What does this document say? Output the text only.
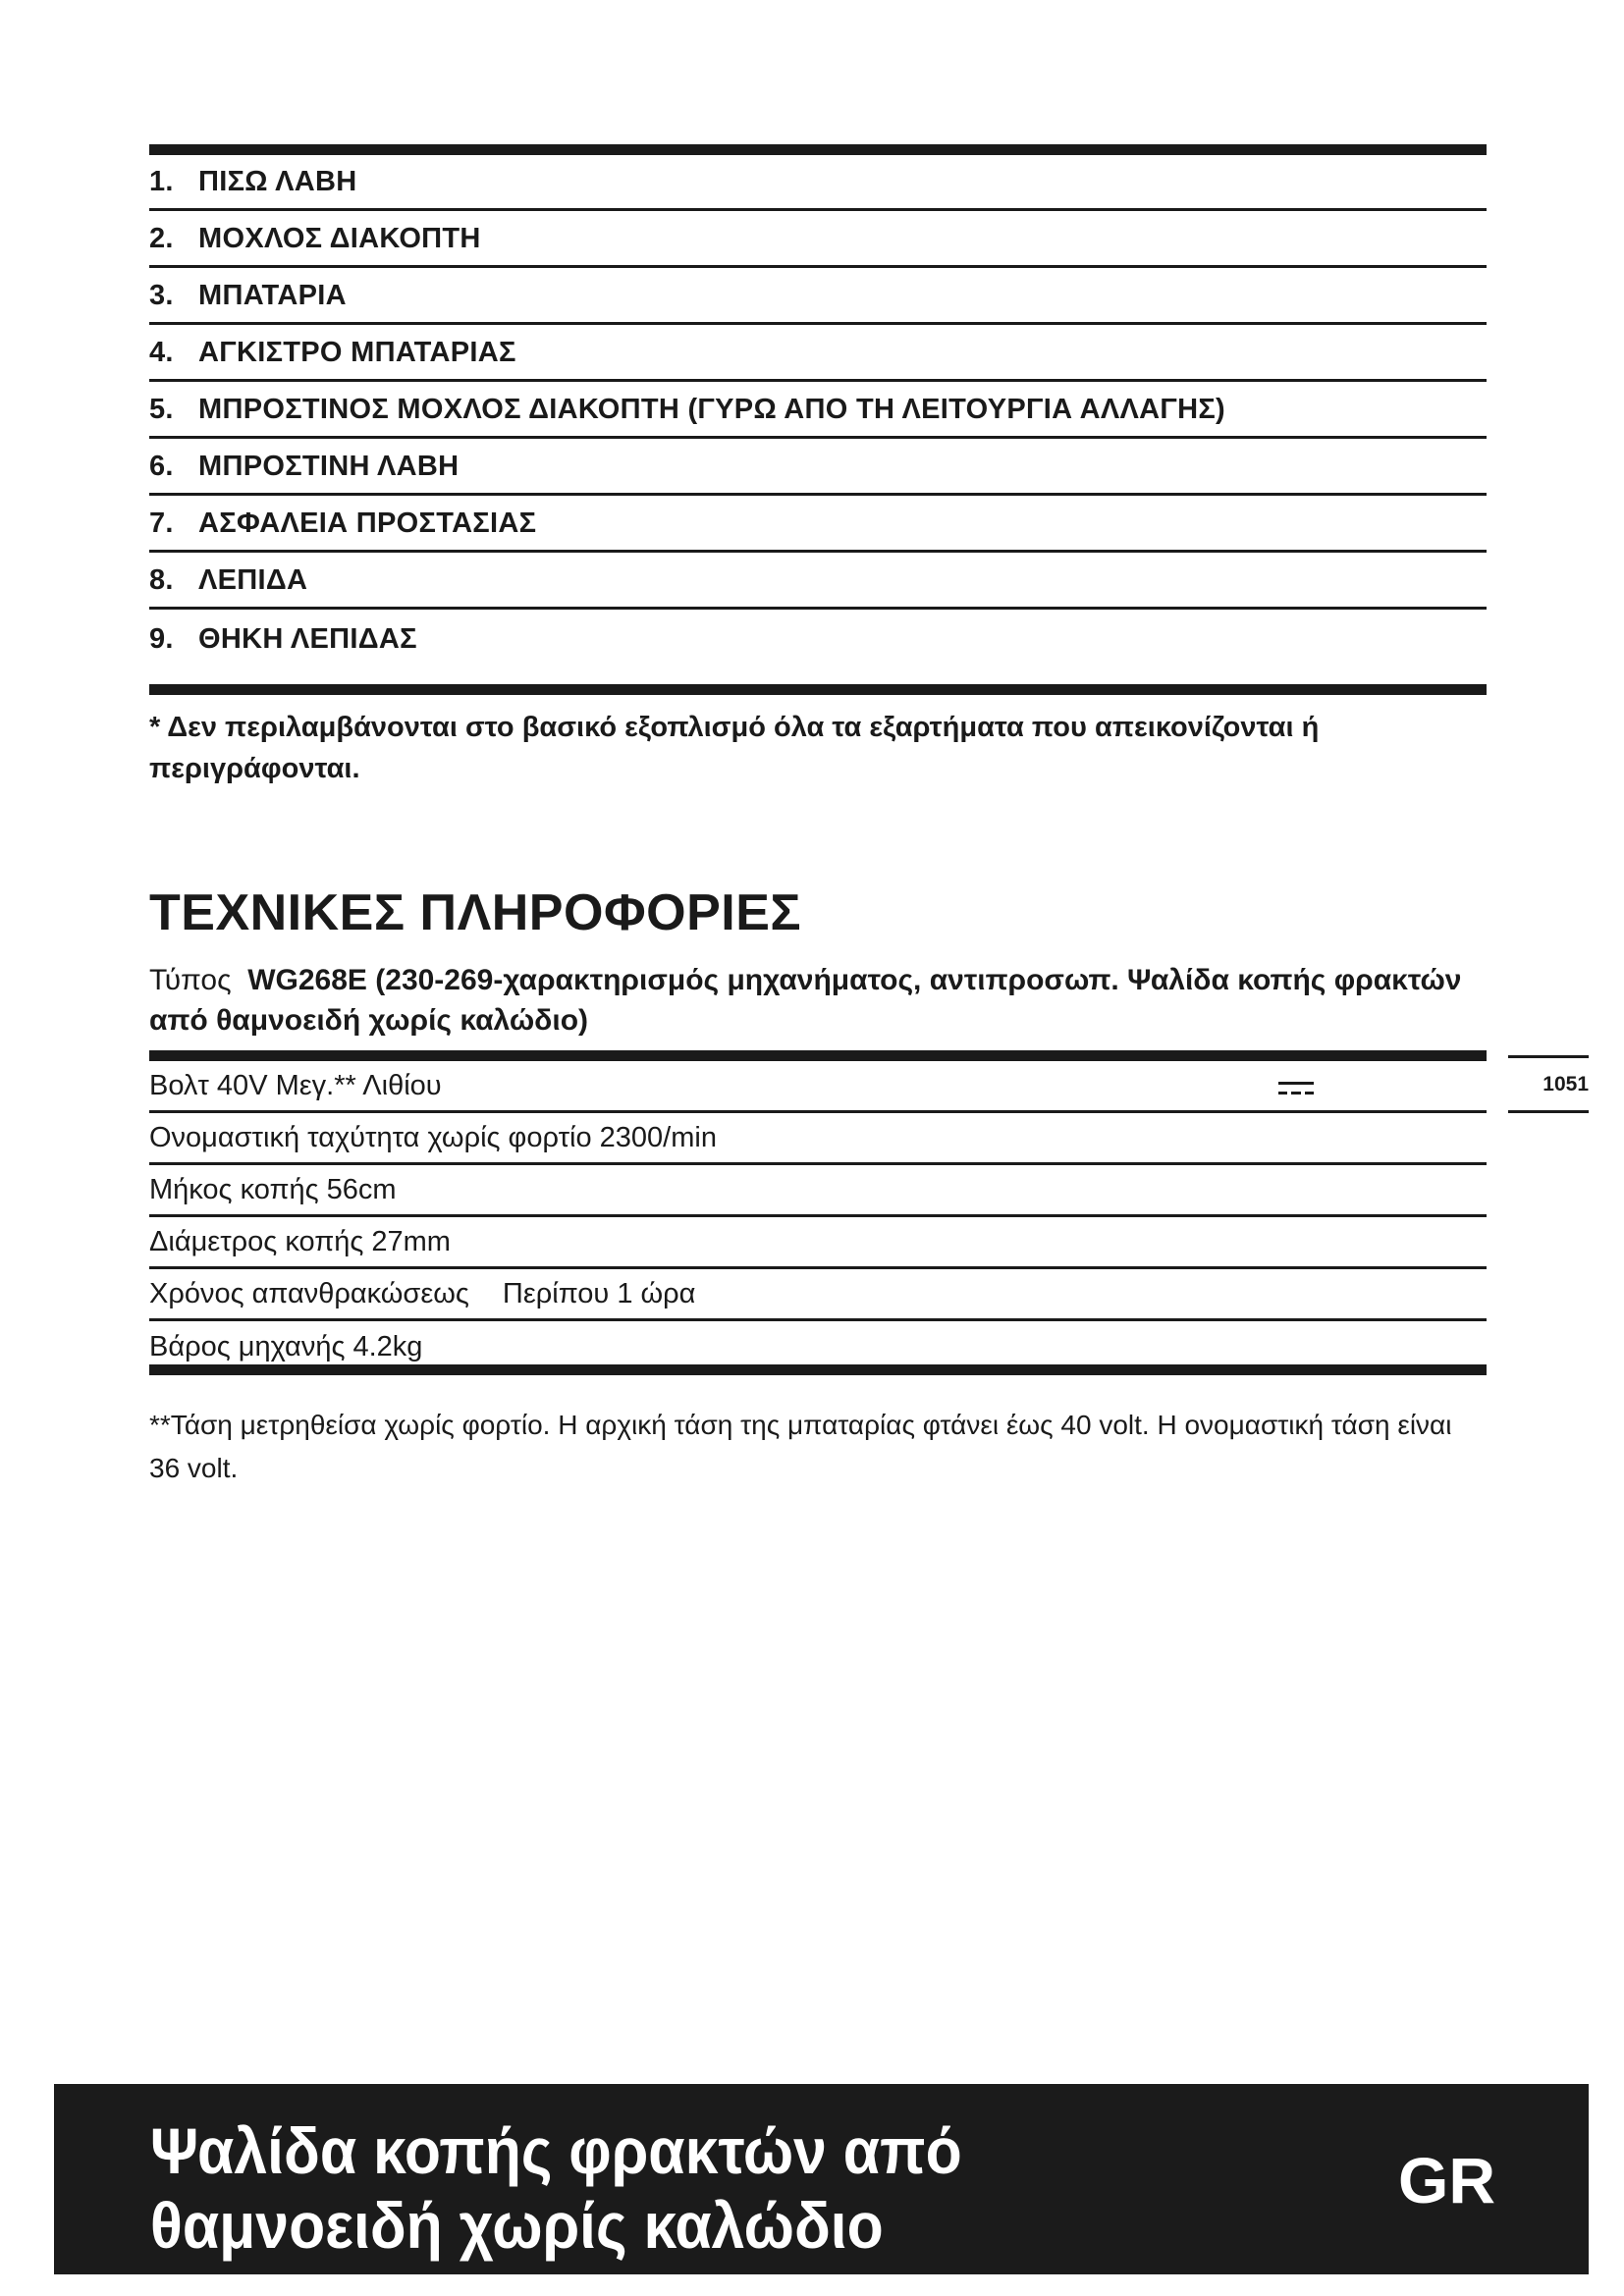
1. ΠΙΣΩ ΛΑΒΗ
2. ΜΟΧΛΟΣ ΔΙΑΚΟΠΤΗ
3. ΜΠΑΤΑΡΙΑ
4. ΑΓΚΙΣΤΡΟ ΜΠΑΤΑΡΙΑΣ
5. ΜΠΡΟΣΤΙΝΟΣ ΜΟΧΛΟΣ ΔΙΑΚΟΠΤΗ (ΓΥΡΩ ΑΠΟ ΤΗ ΛΕΙΤΟΥΡΓΙΑ ΑΛΛΑΓΗΣ)
6. ΜΠΡΟΣΤΙΝΗ ΛΑΒΗ
7. ΑΣΦΑΛΕΙΑ ΠΡΟΣΤΑΣΙΑΣ
8. ΛΕΠΙΔΑ
9. ΘΗΚΗ ΛΕΠΙΔΑΣ
* Δεν περιλαμβάνονται στο βασικό εξοπλισμό όλα τα εξαρτήματα που απεικονίζονται ή περιγράφονται.
ΤΕΧΝΙΚΕΣ ΠΛΗΡΟΦΟΡΙΕΣ
Τύπος WG268E (230-269-χαρακτηρισμός μηχανήματος, αντιπροσωπ. Ψαλίδα κοπής φρακτών από θαμνοειδή χωρίς καλώδιο)
Βολτ 40V Μεγ.** Λιθίου
Ονομαστική ταχύτητα χωρίς φορτίο 2300/min
Μήκος κοπής 56cm
Διάμετρος κοπής 27mm
Χρόνος απανθρακώσεως Περίπου 1 ώρα
Βάρος μηχανής 4.2kg
1051
**Τάση μετρηθείσα χωρίς φορτίο. Η αρχική τάση της μπαταρίας φτάνει έως 40 volt. Η ονομαστική τάση είναι 36 volt.
Ψαλίδα κοπής φρακτών από θαμνοειδή χωρίς καλώδιο
GR
